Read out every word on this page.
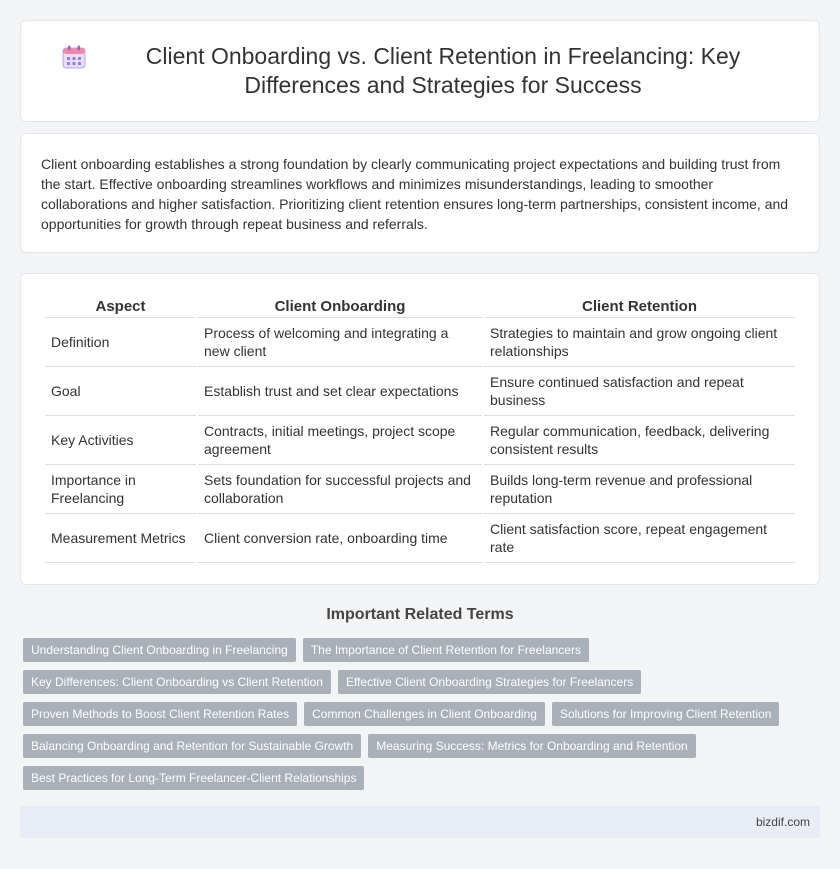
Client Onboarding vs. Client Retention in Freelancing: Key Differences and Strategies for Success

Client onboarding establishes a strong foundation by clearly communicating project expectations and building trust from the start. Effective onboarding streamlines workflows and minimizes misunderstandings, leading to smoother collaborations and higher satisfaction. Prioritizing client retention ensures long-term partnerships, consistent income, and opportunities for growth through repeat business and referrals.

Aspect	Client Onboarding	Client Retention
Definition	Process of welcoming and integrating a new client	Strategies to maintain and grow ongoing client relationships
Goal	Establish trust and set clear expectations	Ensure continued satisfaction and repeat business
Key Activities	Contracts, initial meetings, project scope agreement	Regular communication, feedback, delivering consistent results
Importance in Freelancing	Sets foundation for successful projects and collaboration	Builds long-term revenue and professional reputation
Measurement Metrics	Client conversion rate, onboarding time	Client satisfaction score, repeat engagement rate
Important Related Terms
Understanding Client Onboarding in Freelancing	The Importance of Client Retention for Freelancers
Key Differences: Client Onboarding vs Client Retention	Effective Client Onboarding Strategies for Freelancers
Proven Methods to Boost Client Retention Rates	Common Challenges in Client Onboarding	Solutions for Improving Client Retention
Balancing Onboarding and Retention for Sustainable Growth	Measuring Success: Metrics for Onboarding and Retention
Best Practices for Long-Term Freelancer-Client Relationships
bizdif.com
